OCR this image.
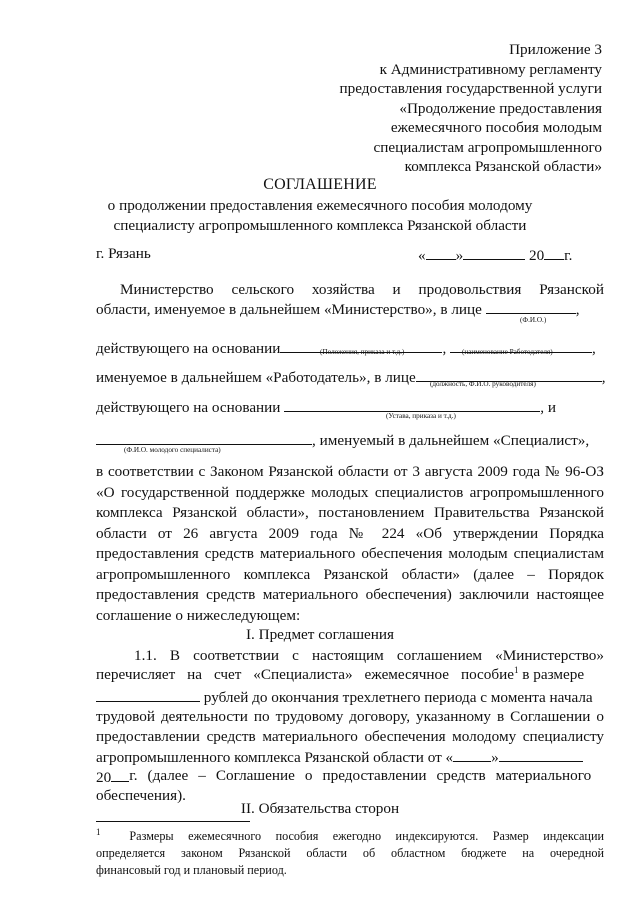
Приложение 3
к Административному регламенту
предоставления государственной услуги
«Продолжение предоставления
ежемесячного пособия молодым
специалистам агропромышленного
комплекса Рязанской области»
СОГЛАШЕНИЕ
о продолжении предоставления ежемесячного пособия молодому
специалисту агропромышленного комплекса Рязанской области
г. Рязань	« »	20 г.
Министерство сельского хозяйства и продовольствия Рязанской
области, именуемое в дальнейшем «Министерство», в лице	,
(Ф.И.О.)
действующего на основании	,	,
(Положения, приказа и т.д.)	(наименование Работодателя)
именуемое в дальнейшем «Работодатель», в лице	,
(должность, Ф.И.О. руководителя)
действующего на основании	, и
(Устава, приказа и т.д.)
, именуемый в дальнейшем «Специалист»,
(Ф.И.О. молодого специалиста)
в соответствии с Законом Рязанской области от 3 августа 2009 года № 96-ОЗ
«О государственной поддержке молодых специалистов агропромышленного
комплекса Рязанской области», постановлением Правительства Рязанской
области от 26 августа 2009 года № 224 «Об утверждении Порядка
предоставления средств материального обеспечения молодым специалистам
агропромышленного комплекса Рязанской области» (далее – Порядок
предоставления средств материального обеспечения) заключили настоящее
соглашение о нижеследующем:
I. Предмет соглашения
1.1. В соответствии с настоящим соглашением «Министерство»
перечисляет на счет «Специалиста» ежемесячное пособие$^1$ в размере
рублей до окончания трехлетнего периода с момента начала
трудовой деятельности по трудовому договору, указанному в Соглашении о
предоставлении средств материального обеспечения молодому специалисту
агропромышленного комплекса Рязанской области от «	»
20 г. (далее – Соглашение о предоставлении средств материального
обеспечения).
II. Обязательства сторон
$^1$ Размеры ежемесячного пособия ежегодно индексируются. Размер индексации
определяется законом Рязанской области об областном бюджете на очередной
финансовый год и плановый период.
